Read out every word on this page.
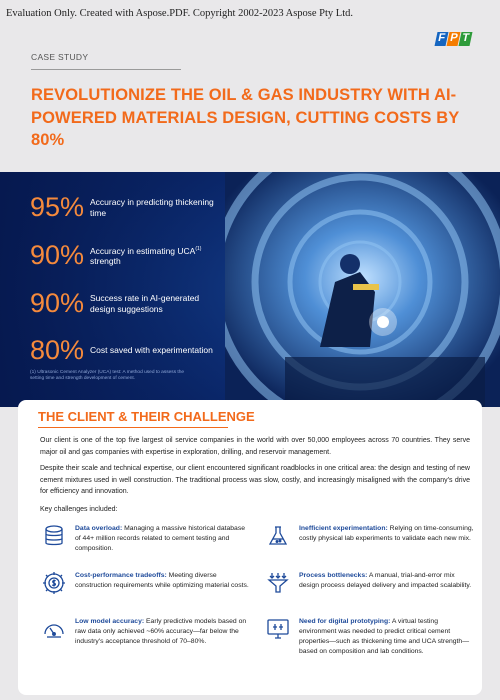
Evaluation Only. Created with Aspose.PDF. Copyright 2002-2023 Aspose Pty Ltd.
F P T
CASE STUDY
REVOLUTIONIZE THE OIL & GAS INDUSTRY WITH AI-POWERED MATERIALS DESIGN, CUTTING COSTS BY 80%
95% Accuracy in predicting thickening time
90% Accuracy in estimating UCA$^{(1)}$ strength
90% Success rate in AI-generated design suggestions
80% Cost saved with experimentation
(1) Ultrasonic Cement Analyzer (UCA) test: A method used to assess the setting time and strength development of cement.
THE CLIENT & THEIR CHALLENGE
Our client is one of the top five largest oil service companies in the world with over 50,000 employees across 70 countries. They serve major oil and gas companies with expertise in exploration, drilling, and reservoir management.
Despite their scale and technical expertise, our client encountered significant roadblocks in one critical area: the design and testing of new cement mixtures used in well construction. The traditional process was slow, costly, and increasingly misaligned with the company's drive for efficiency and innovation.
Key challenges included:
Data overload: Managing a massive historical database of 44+ million records related to cement testing and composition.
Inefficient experimentation: Relying on time-consuming, costly physical lab experiments to validate each new mix.
Cost-performance tradeoffs: Meeting diverse construction requirements while optimizing material costs.
Process bottlenecks: A manual, trial-and-error mix design process delayed delivery and impacted scalability.
Low model accuracy: Early predictive models based on raw data only achieved ~60% accuracy—far below the industry's acceptance threshold of 70–80%.
Need for digital prototyping: A virtual testing environment was needed to predict critical cement properties—such as thickening time and UCA strength—based on composition and lab conditions.
